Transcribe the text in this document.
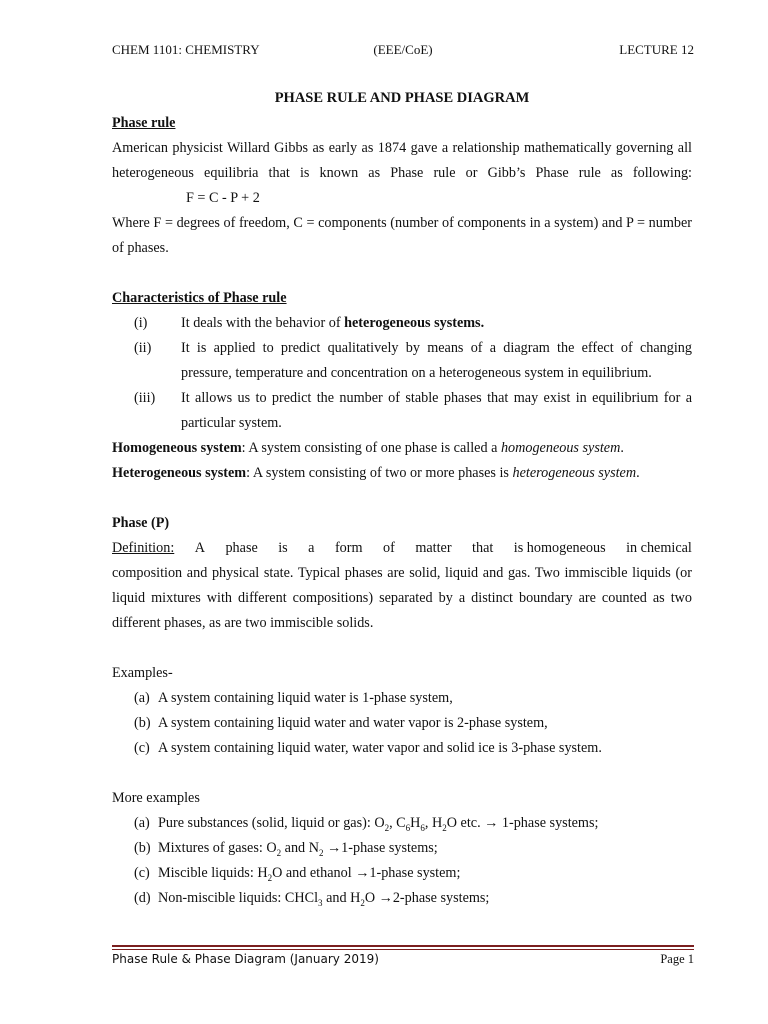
CHEM 1101: CHEMISTRY	(EEE/CoE)	LECTURE 12
PHASE RULE AND PHASE DIAGRAM
Phase rule
American physicist Willard Gibbs as early as 1874 gave a relationship mathematically governing all heterogeneous equilibria that is known as Phase rule or Gibb’s Phase rule as following:F = C - P + 2
Where F = degrees of freedom, C = components (number of components in a system) and P = number of phases.
Characteristics of Phase rule
(i) It deals with the behavior of heterogeneous systems.
(ii) It is applied to predict qualitatively by means of a diagram the effect of changing pressure, temperature and concentration on a heterogeneous system in equilibrium.
(iii) It allows us to predict the number of stable phases that may exist in equilibrium for a particular system.
Homogeneous system: A system consisting of one phase is called a homogeneous system.
Heterogeneous system: A system consisting of two or more phases is heterogeneous system.
Phase (P)
Definition: A phase is a form of matter that is homogeneous in chemical
composition and physical state. Typical phases are solid, liquid and gas. Two immiscible liquids (or liquid mixtures with different compositions) separated by a distinct boundary are counted as two different phases, as are two immiscible solids.
Examples-
(a) A system containing liquid water is 1-phase system,
(b) A system containing liquid water and water vapor is 2-phase system,
(c) A system containing liquid water, water vapor and solid ice is 3-phase system.
More examples
(a) Pure substances (solid, liquid or gas): $O_2$, $C_6H_6$, $H_2O$ etc. → 1-phase systems;
(b) Mixtures of gases: $O_2$ and $N_2$ →1-phase systems;
(c) Miscible liquids: $H_2O$ and ethanol →1-phase system;
(d) Non-miscible liquids: CHCl$_3$ and $H_2O$ →2-phase systems;
Phase Rule & Phase Diagram (January 2019)	Page 1
